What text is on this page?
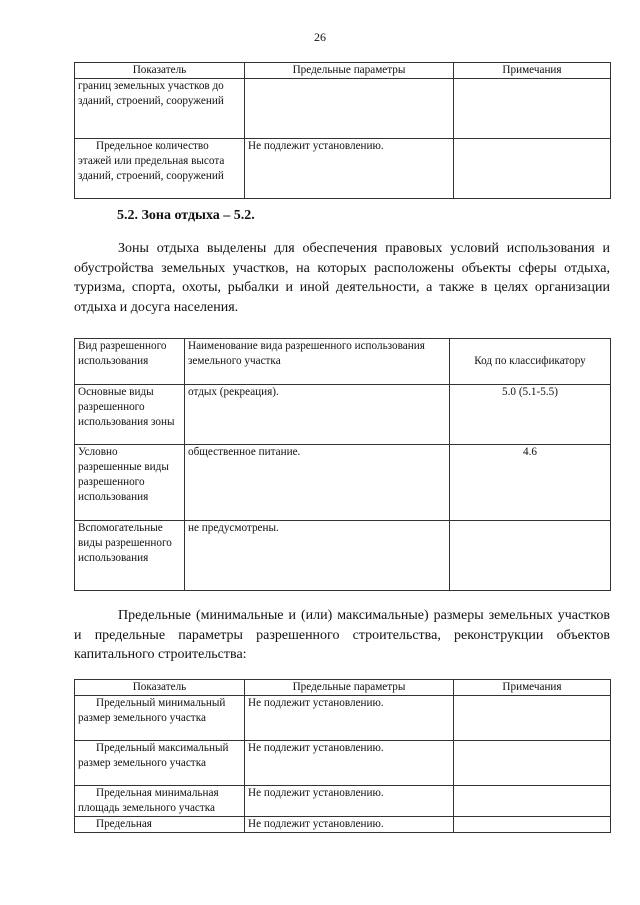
26
Показатель	Предельные параметры	Примечания
границ земельных участков до зданий, строений, сооружений		
Предельное количество этажей или предельная высота зданий, строений, сооружений	Не подлежит установлению.	
5.2. Зона отдыха – 5.2.

Зоны отдыха выделены для обеспечения правовых условий использования и обустройства земельных участков, на которых расположены объекты сферы отдыха, туризма, спорта, охоты, рыбалки и иной деятельности, а также в целях организации отдыха и досуга населения.

Вид разрешенного использования	Наименование вида разрешенного использования земельного участка	Код по классификатору
Основные виды разрешенного использования зоны	отдых (рекреация).	5.0 (5.1-5.5)
Условно разрешенные виды разрешенного использования	общественное питание.	4.6
Вспомогательные виды разрешенного использования	не предусмотрены.	

Предельные (минимальные и (или) максимальные) размеры земельных участков и предельные параметры разрешенного строительства, реконструкции объектов капитального строительства:

Показатель	Предельные параметры	Примечания
Предельный минимальный размер земельного участка	Не подлежит установлению.	
Предельный максимальный размер земельного участка	Не подлежит установлению.	
Предельная минимальная площадь земельного участка	Не подлежит установлению.	
Предельная	Не подлежит установлению.	
